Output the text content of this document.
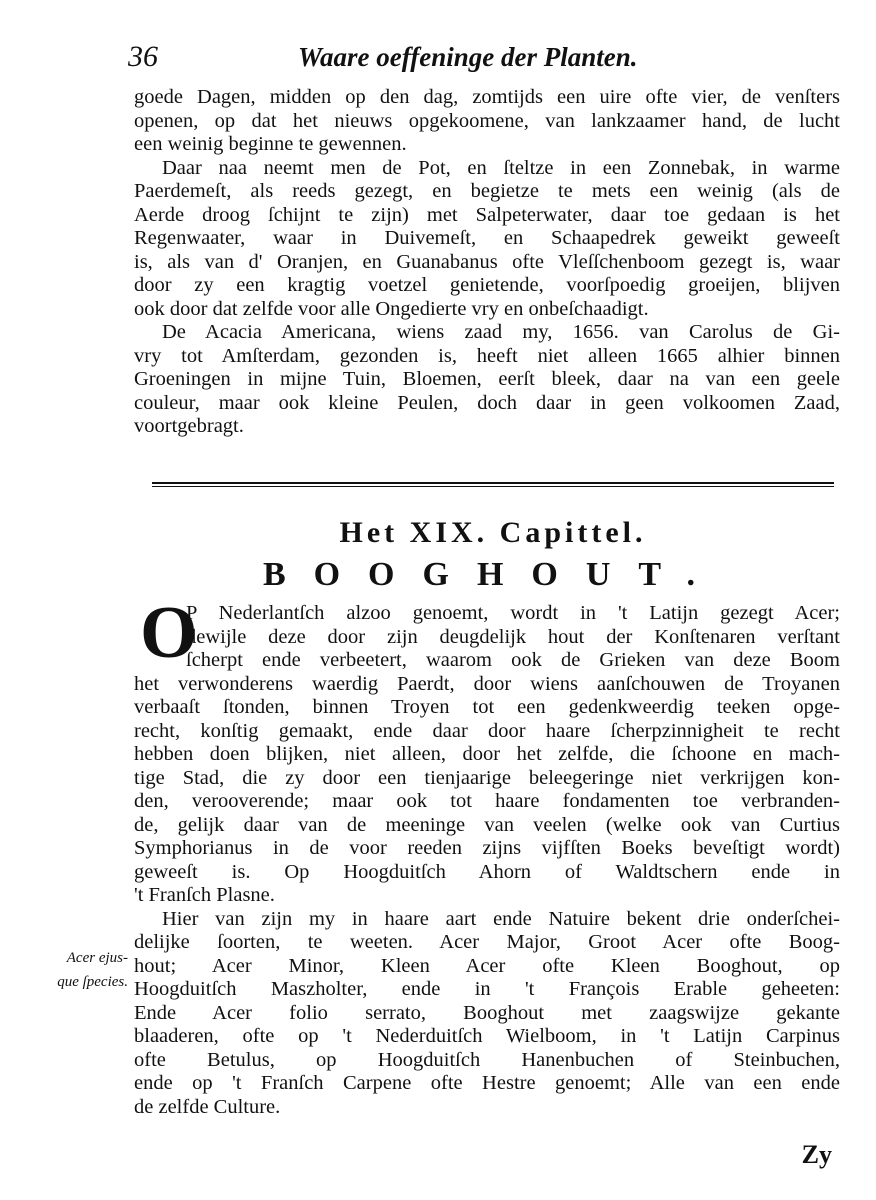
36	Waare oeffeninge der Planten.
goede Dagen, midden op den dag, zomtijds een uire ofte vier, de venſters
openen, op dat het nieuws opgekoomene, van lankzaamer hand, de lucht
een weinig beginne te gewennen.
Daar naa neemt men de Pot, en ſteltze in een Zonnebak, in warme
Paerdemeſt, als reeds gezegt, en begietze te mets een weinig (als de
Aerde droog ſchijnt te zijn) met Salpeterwater, daar toe gedaan is het
Regenwaater, waar in Duivemeſt, en Schaapedrek geweikt geweeſt
is, als van d' Oranjen, en Guanabanus ofte Vleſſchenboom gezegt is, waar
door zy een kragtig voetzel genietende, voorſpoedig groeijen, blijven
ook door dat zelfde voor alle Ongedierte vry en onbeſchaadigt.
De Acacia Americana, wiens zaad my, 1656. van Carolus de Gi-
vry tot Amſterdam, gezonden is, heeft niet alleen 1665 alhier binnen
Groeningen in mijne Tuin, Bloemen, eerſt bleek, daar na van een geele
couleur, maar ook kleine Peulen, doch daar in geen volkoomen Zaad,
voortgebragt.
Het XIX. Capittel.
BOOGHOUT.
O
P Nederlantſch alzoo genoemt, wordt in 't Latijn gezegt Acer;
dewijle deze door zijn deugdelijk hout der Konſtenaren verſtant
ſcherpt ende verbeetert, waarom ook de Grieken van deze Boom
het verwonderens waerdig Paerdt, door wiens aanſchouwen de Troyanen
verbaaſt ſtonden, binnen Troyen tot een gedenkweerdig teeken opge-
recht, konſtig gemaakt, ende daar door haare ſcherpzinnigheit te recht
hebben doen blijken, niet alleen, door het zelfde, die ſchoone en mach-
tige Stad, die zy door een tienjaarige beleegeringe niet verkrijgen kon-
den, verooverende; maar ook tot haare fondamenten toe verbranden-
de, gelijk daar van de meeninge van veelen (welke ook van Curtius
Symphorianus in de voor reeden zijns vijfſten Boeks beveſtigt wordt)
geweeſt is. Op Hoogduitſch Ahorn of Waldtschern ende in
't Franſch Plasne.
Hier van zijn my in haare aart ende Natuire bekent drie onderſchei-
delijke ſoorten, te weeten. Acer Major, Groot Acer ofte Boog-
hout; Acer Minor, Kleen Acer ofte Kleen Booghout, op
Hoogduitſch Maszholter, ende in 't François Erable geheeten:
Ende Acer folio serrato, Booghout met zaagswijze gekante
blaaderen, ofte op 't Nederduitſch Wielboom, in 't Latijn Carpinus
ofte Betulus, op Hoogduitſch Hanenbuchen of Steinbuchen,
ende op 't Franſch Carpene ofte Hestre genoemt; Alle van een ende
de zelfde Culture.
Acer ejus-
que ſpecies.
Zy
